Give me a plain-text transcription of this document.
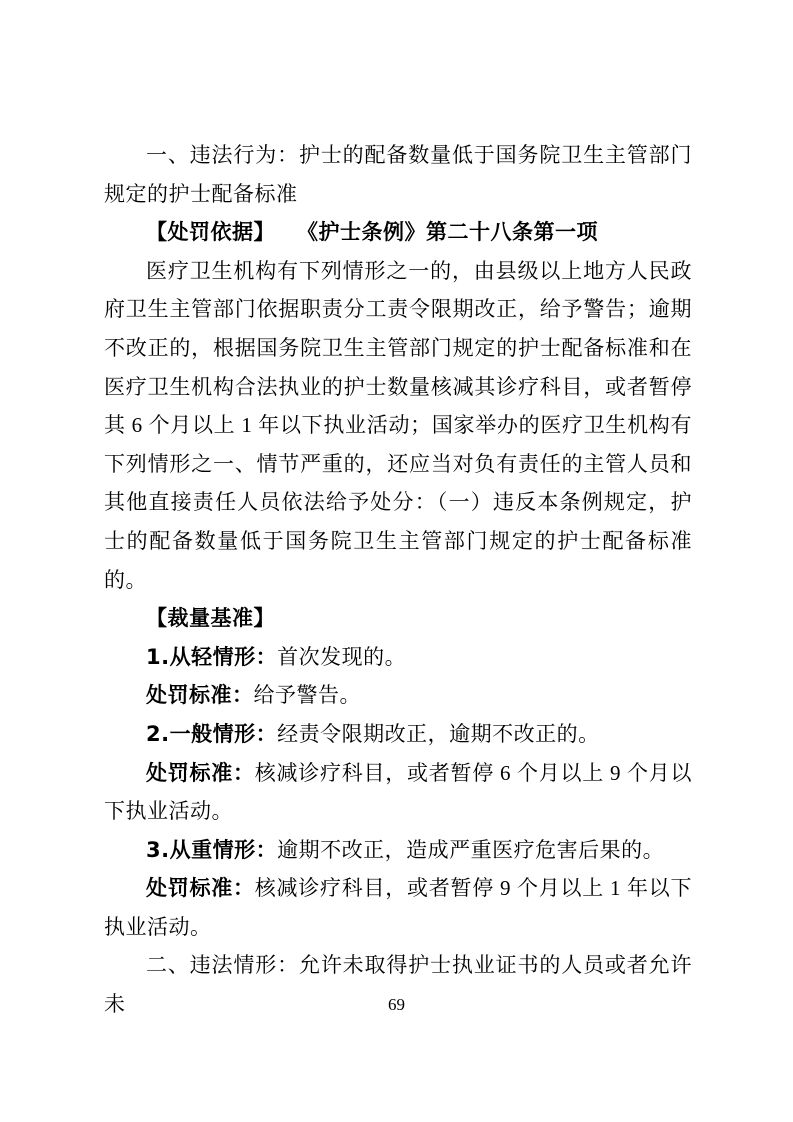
一、违法行为：护士的配备数量低于国务院卫生主管部门规定的护士配备标准

【处罚依据】　　《护士条例》第二十八条第一项

医疗卫生机构有下列情形之一的，由县级以上地方人民政府卫生主管部门依据职责分工责令限期改正，给予警告；逾期不改正的，根据国务院卫生主管部门规定的护士配备标准和在医疗卫生机构合法执业的护士数量核减其诊疗科目，或者暂停其 6 个月以上 1 年以下执业活动；国家举办的医疗卫生机构有下列情形之一、情节严重的，还应当对负有责任的主管人员和其他直接责任人员依法给予处分：（一）违反本条例规定，护士的配备数量低于国务院卫生主管部门规定的护士配备标准的。

【裁量基准】

1.从轻情形：首次发现的。

处罚标准：给予警告。

2.一般情形：经责令限期改正，逾期不改正的。

处罚标准：核减诊疗科目，或者暂停 6 个月以上 9 个月以下执业活动。

3.从重情形：逾期不改正，造成严重医疗危害后果的。

处罚标准：核减诊疗科目，或者暂停 9 个月以上 1 年以下执业活动。

二、违法情形：允许未取得护士执业证书的人员或者允许未	69
